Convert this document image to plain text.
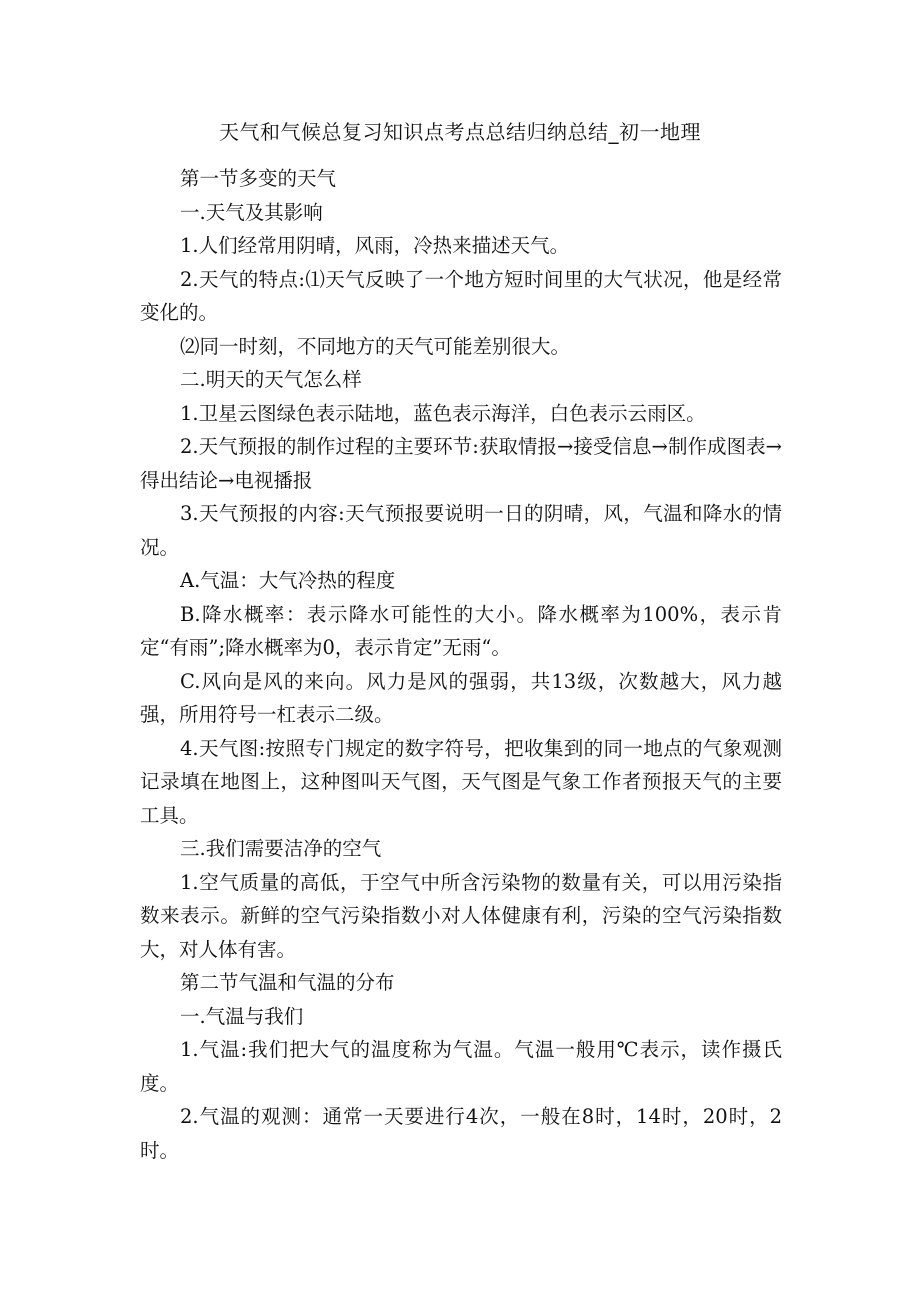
天气和气候总复习知识点考点总结归纳总结_初一地理

第一节多变的天气

一.天气及其影响

1.人们经常用阴晴，风雨，冷热来描述天气。

2.天气的特点:⑴天气反映了一个地方短时间里的大气状况，他是经常变化的。

⑵同一时刻，不同地方的天气可能差别很大。

二.明天的天气怎么样

1.卫星云图绿色表示陆地，蓝色表示海洋，白色表示云雨区。

2.天气预报的制作过程的主要环节:获取情报→接受信息→制作成图表→得出结论→电视播报

3.天气预报的内容:天气预报要说明一日的阴晴，风，气温和降水的情况。

A.气温：大气冷热的程度

B.降水概率：表示降水可能性的大小。降水概率为100%，表示肯定“有雨”;降水概率为0，表示肯定”无雨“。

C.风向是风的来向。风力是风的强弱，共13级，次数越大，风力越强，所用符号一杠表示二级。

4.天气图:按照专门规定的数字符号，把收集到的同一地点的气象观测记录填在地图上，这种图叫天气图，天气图是气象工作者预报天气的主要工具。

三.我们需要洁净的空气

1.空气质量的高低，于空气中所含污染物的数量有关，可以用污染指数来表示。新鲜的空气污染指数小对人体健康有利，污染的空气污染指数大，对人体有害。

第二节气温和气温的分布

一.气温与我们

1.气温:我们把大气的温度称为气温。气温一般用℃表示，读作摄氏度。

2.气温的观测：通常一天要进行4次，一般在8时，14时，20时，2时。
